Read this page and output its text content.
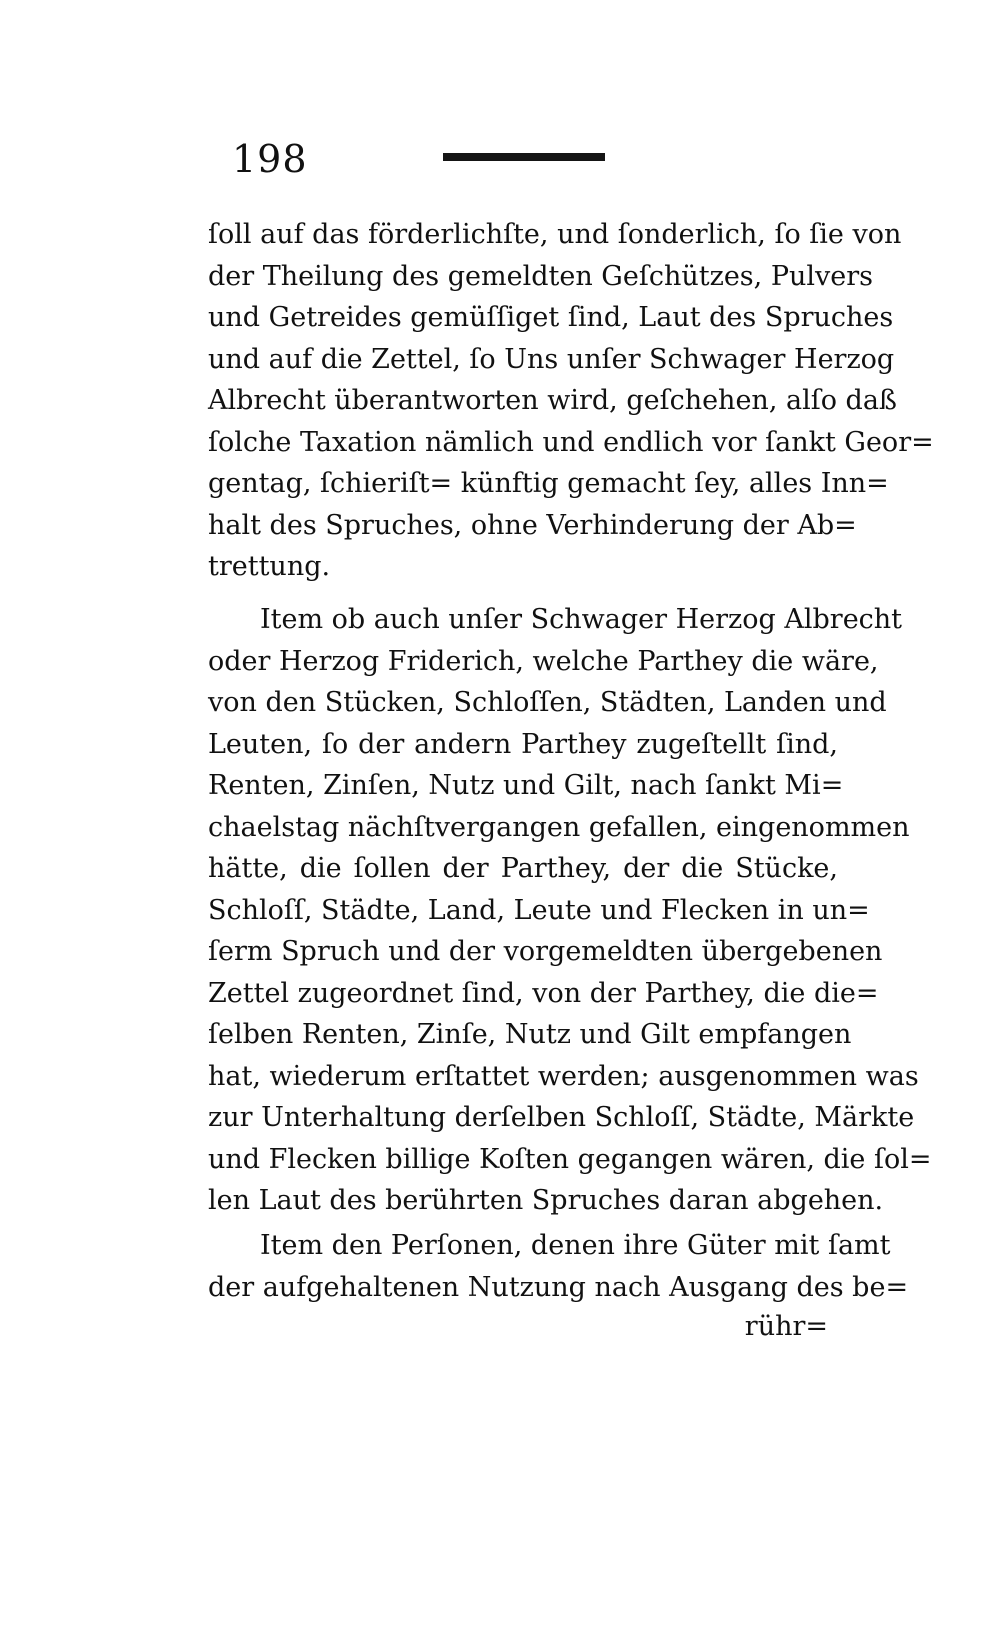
198
ſoll auf das förderlichſte, und ſonderlich, ſo ſie von
der Theilung des gemeldten Geſchützes, Pulvers
und Getreides gemüſſiget ſind, Laut des Spruches
und auf die Zettel, ſo Uns unſer Schwager Herzog
Albrecht überantworten wird, geſchehen, alſo daß
ſolche Taxation nämlich und endlich vor ſankt Geor=
gentag, ſchieriſt= künftig gemacht ſey, alles Inn=
halt des Spruches, ohne Verhinderung der Ab=
trettung.
Item ob auch unſer Schwager Herzog Albrecht
oder Herzog Friderich, welche Parthey die wäre,
von den Stücken, Schloſſen, Städten, Landen und
Leuten, ſo der andern Parthey zugeſtellt ſind,
Renten, Zinſen, Nutz und Gilt, nach ſankt Mi=
chaelstag nächſtvergangen gefallen, eingenommen
hätte, die ſollen der Parthey, der die Stücke,
Schloſſ, Städte, Land, Leute und Flecken in un=
ſerm Spruch und der vorgemeldten übergebenen
Zettel zugeordnet ſind, von der Parthey, die die=
ſelben Renten, Zinſe, Nutz und Gilt empfangen
hat, wiederum erſtattet werden; ausgenommen was
zur Unterhaltung derſelben Schloſſ, Städte, Märkte
und Flecken billige Koſten gegangen wären, die ſol=
len Laut des berührten Spruches daran abgehen.
Item den Perſonen, denen ihre Güter mit ſamt
der aufgehaltenen Nutzung nach Ausgang des be=
rühr=
